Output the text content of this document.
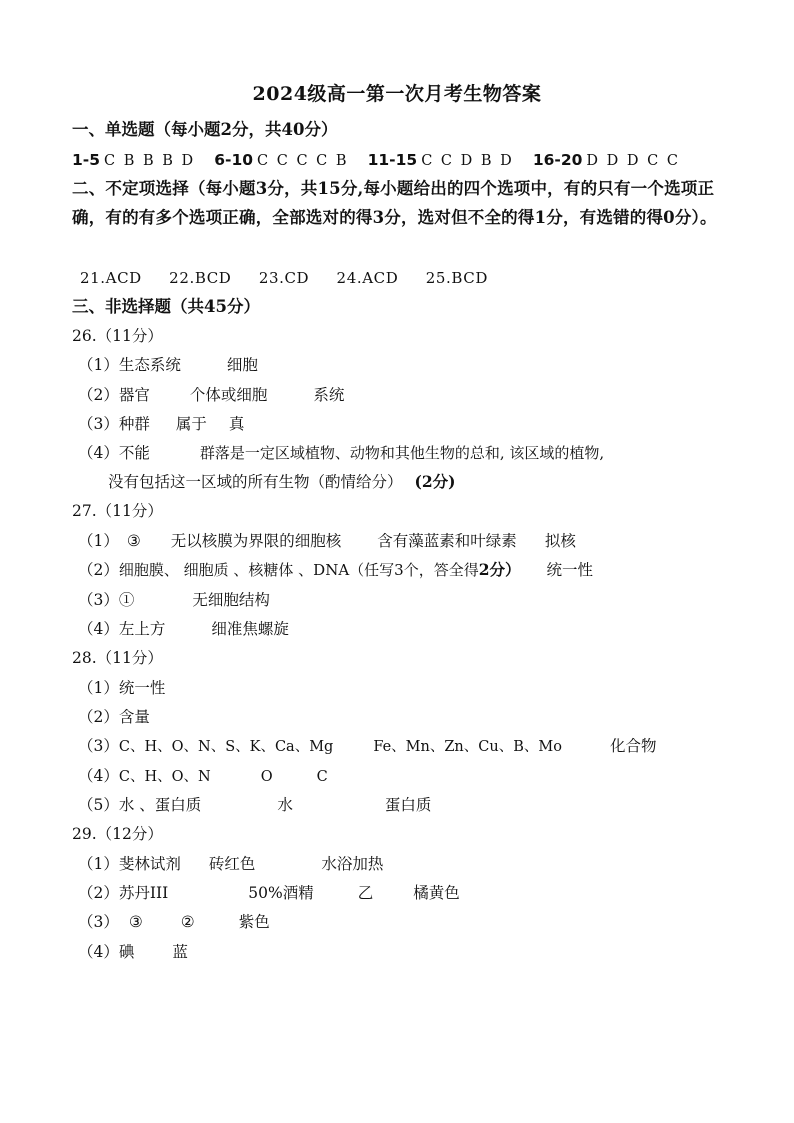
2024级高一第一次月考生物答案
一、单选题（每小题2分，共40分）
1-5 C B B B D 6-10 C C C C B 11-15 C C D B D 16-20 D D D C C
二、不定项选择（每小题3分，共15分,每小题给出的四个选项中，有的只有一个选项正确，有的有多个选项正确，全部选对的得3分，选对但不全的得1分，有选错的得0分）。
21.ACD 22.BCD 23.CD 24.ACD 25.BCD
三、非选择题（共45分）
26.（11分）
（1）生态系统	细胞
（2）器官	个体或细胞	系统
（3）种群 属于 真
（4）不能	群落是一定区域植物、动物和其他生物的总和, 该区域的植物,
没有包括这一区域的所有生物（酌情给分） (2分)
27.（11分）
（1） ③ 无以核膜为界限的细胞核 含有藻蓝素和叶绿素 拟核
（2）细胞膜、 细胞质 、核糖体 、DNA（任写3个，答全得2分） 统一性
（3）①	无细胞结构
（4）左上方	细准焦螺旋
28.（11分）
（1）统一性
（2）含量
（3）C、H、O、N、S、K、Ca、Mg	Fe、Mn、Zn、Cu、B、Mo	化合物
（4）C、H、O、N	O	C
（5）水 、蛋白质	水	蛋白质
29.（12分）
（1）斐林试剂 砖红色	水浴加热
（2）苏丹III	50%酒精	乙	橘黄色
（3） ③ ②	紫色
（4）碘 蓝
